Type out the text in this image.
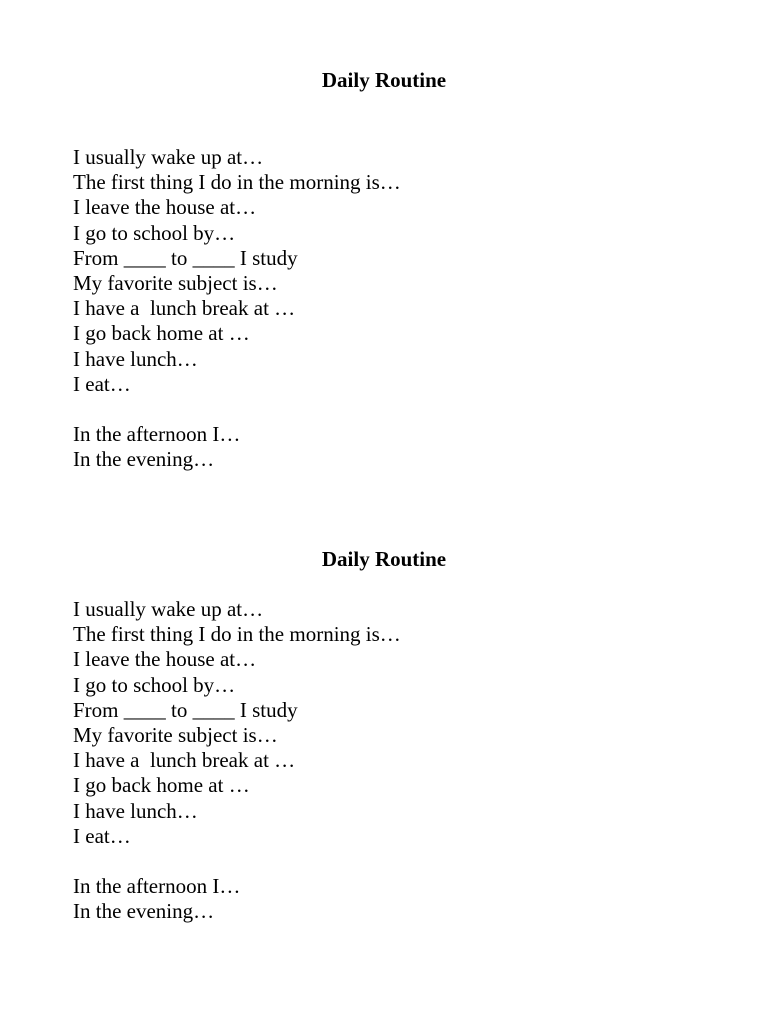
Daily Routine
I usually wake up at…
The first thing I do in the morning is…
I leave the house at…
I go to school by…
From ____ to ____ I study
My favorite subject is…
I have a  lunch break at …
I go back home at …
I have lunch…
I eat…
In the afternoon I…
In the evening…
Daily Routine
I usually wake up at…
The first thing I do in the morning is…
I leave the house at…
I go to school by…
From ____ to ____ I study
My favorite subject is…
I have a  lunch break at …
I go back home at …
I have lunch…
I eat…
In the afternoon I…
In the evening…
